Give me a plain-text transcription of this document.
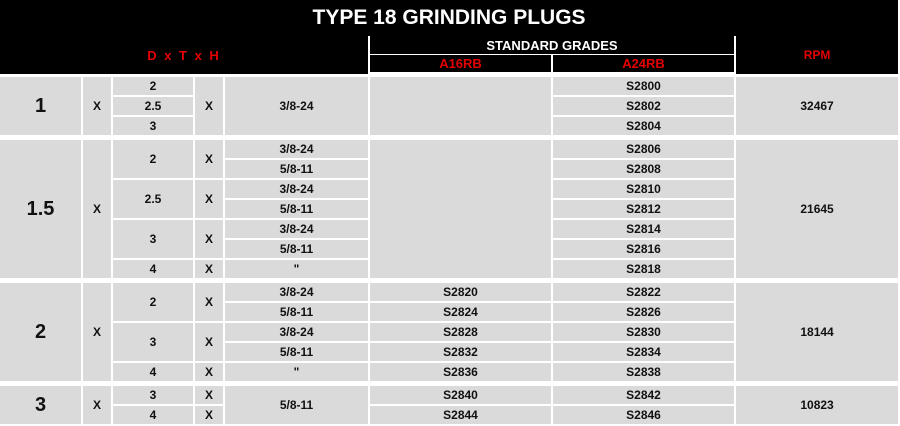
TYPE 18 GRINDING PLUGS							
D x T x H					STANDARD GRADES		RPM
					A16RB	A24RB	

1	X	2	X	3/8-24		S2800	32467
		2.5				S2802	
		3				S2804	

1.5	X	2	X	3/8-24		S2806	21645
				5/8-11		S2808	
		2.5	X	3/8-24		S2810	
				5/8-11		S2812	
		3	X	3/8-24		S2814	
				5/8-11		S2816	
		4	X	"		S2818	

2	X	2	X	3/8-24	S2820	S2822	18144
				5/8-11	S2824	S2826	
		3	X	3/8-24	S2828	S2830	
				5/8-11	S2832	S2834	
		4	X	"	S2836	S2838	

3	X	3	X	5/8-11	S2840	S2842	10823
		4	X		S2844	S2846	
